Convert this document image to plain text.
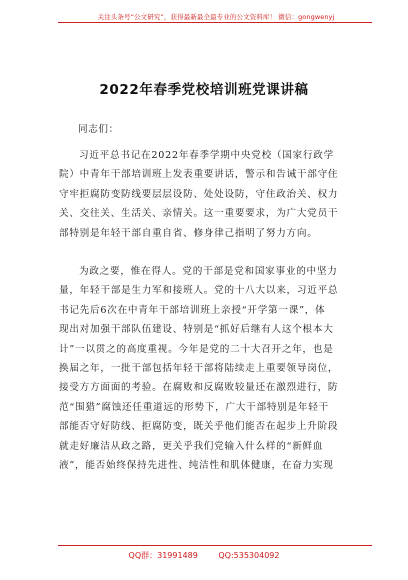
关注头条号“公文研究”，获得最新最全最专业的公文资料库！ 微信：gongwenyj
2022年春季党校培训班党课讲稿
同志们：
习近平总书记在2022年春季学期中央党校（国家行政学
院）中青年干部培训班上发表重要讲话，警示和告诫干部守住
守牢拒腐防变防线要层层设防、处处设防，守住政治关、权力
关、交往关、生活关、亲情关。这一重要要求，为广大党员干
部特别是年轻干部自重自省、修身律己指明了努力方向。
为政之要，惟在得人。党的干部是党和国家事业的中坚力
量，年轻干部是生力军和接班人。党的十八大以来，习近平总
书记先后6次在中青年干部培训班上亲授“开学第一课”，体
现出对加强干部队伍建设、特别是“抓好后继有人这个根本大
计”一以贯之的高度重视。今年是党的二十大召开之年，也是
换届之年，一批干部包括年轻干部将陆续走上重要领导岗位，
接受方方面面的考验。在腐败和反腐败较量还在激烈进行，防
范“围猎”腐蚀还任重道远的形势下，广大干部特别是年轻干
部能否守好防线、拒腐防变，既关乎他们能否在起步上升阶段
就走好廉洁从政之路，更关乎我们党输入什么样的“新鲜血
液”，能否始终保持先进性、纯洁性和肌体健康，在奋力实现
QQ群：31991489	QQ:535304092
